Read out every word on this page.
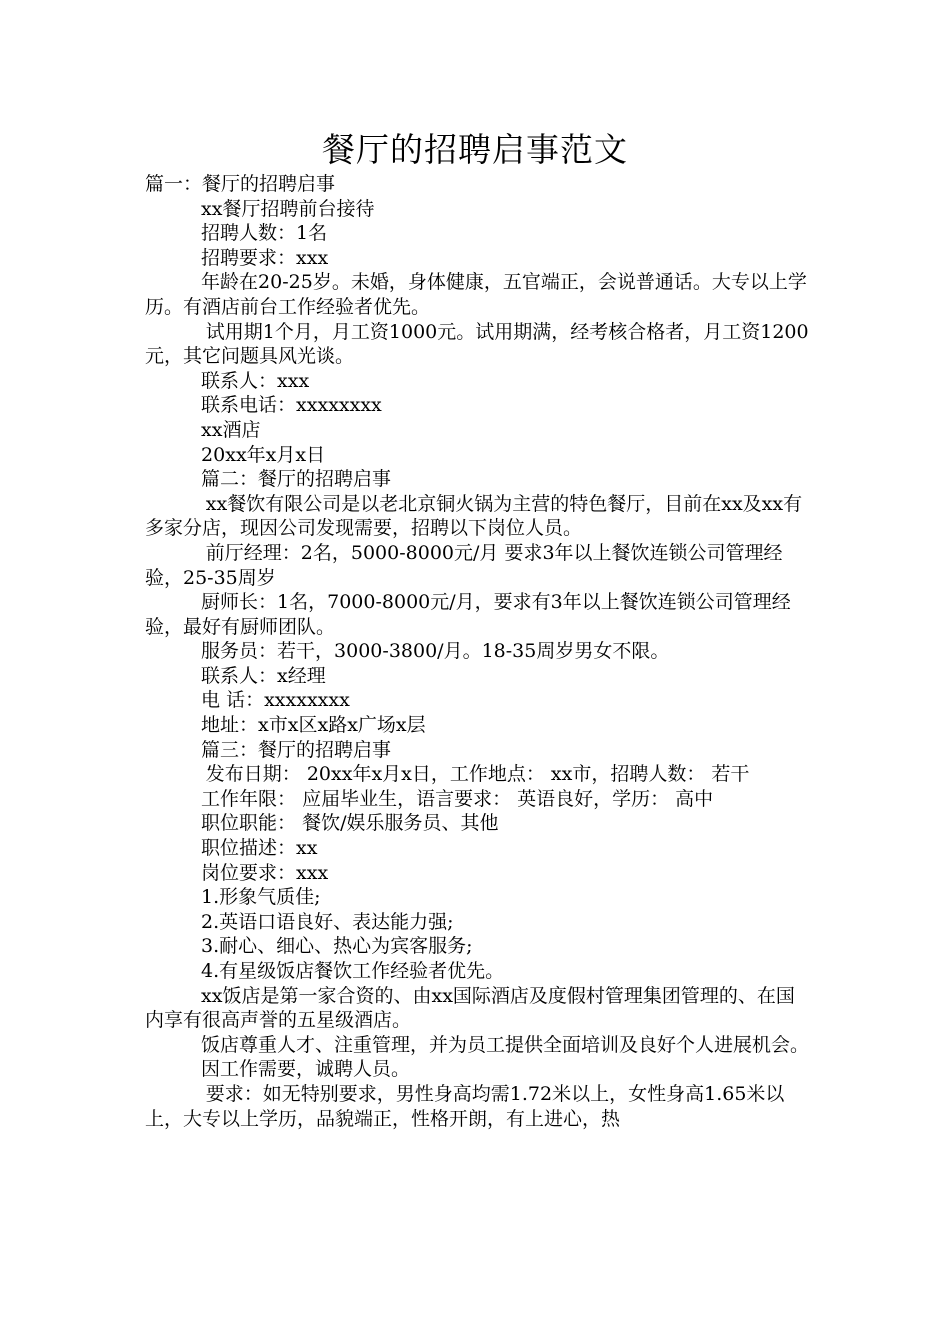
餐厅的招聘启事范文

篇一：餐厅的招聘启事

xx餐厅招聘前台接待

招聘人数：1名

招聘要求：xxx

年龄在20-25岁。未婚，身体健康，五官端正，会说普通话。大专以上学历。有酒店前台工作经验者优先。

试用期1个月，月工资1000元。试用期满，经考核合格者，月工资1200元，其它问题具风光谈。

联系人：xxx

联系电话：xxxxxxxx

xx酒店

20xx年x月x日

篇二：餐厅的招聘启事

xx餐饮有限公司是以老北京铜火锅为主营的特色餐厅，目前在xx及xx有多家分店，现因公司发现需要，招聘以下岗位人员。

前厅经理：2名，5000-8000元/月 要求3年以上餐饮连锁公司管理经验，25-35周岁

厨师长：1名，7000-8000元/月，要求有3年以上餐饮连锁公司管理经验，最好有厨师团队。

服务员：若干，3000-3800/月。18-35周岁男女不限。

联系人：x经理

电 话：xxxxxxxx

地址：x市x区x路x广场x层

篇三：餐厅的招聘启事

发布日期： 20xx年x月x日，工作地点： xx市，招聘人数： 若干

工作年限： 应届毕业生，语言要求： 英语良好，学历： 高中

职位职能： 餐饮/娱乐服务员、其他

职位描述：xx

岗位要求：xxx

1.形象气质佳;

2.英语口语良好、表达能力强;

3.耐心、细心、热心为宾客服务;

4.有星级饭店餐饮工作经验者优先。

xx饭店是第一家合资的、由xx国际酒店及度假村管理集团管理的、在国内享有很高声誉的五星级酒店。

饭店尊重人才、注重管理，并为员工提供全面培训及良好个人进展机会。

因工作需要，诚聘人员。

要求：如无特别要求，男性身高均需1.72米以上，女性身高1.65米以上，大专以上学历，品貌端正，性格开朗，有上进心，热
